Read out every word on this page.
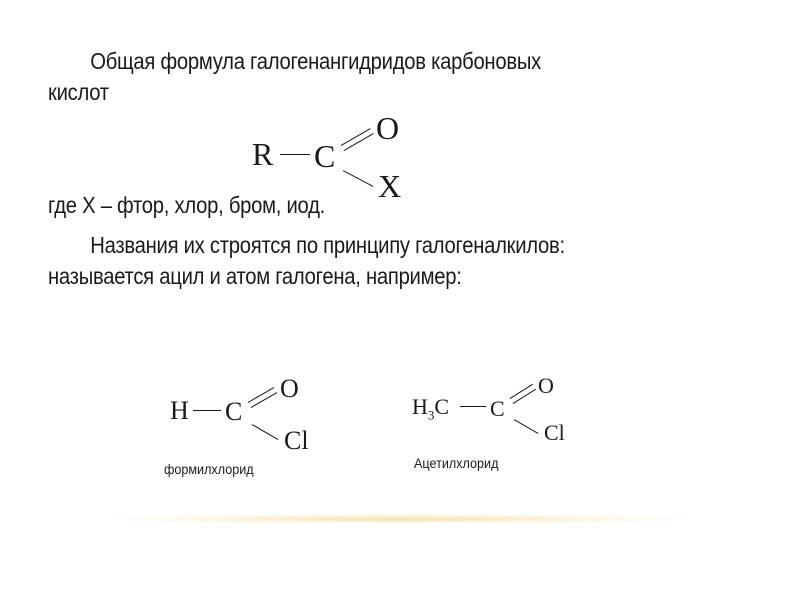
Общая формула галогенангидридов карбоновых
кислот
где X – фтор, хлор, бром, иод.
Названия их строятся по принципу галогеналкилов:
называется ацил и атом галогена, например:
R C
O
X
H C
O
Cl
формилхлорид
$H_3C$ C
O
Cl
Ацетилхлорид
